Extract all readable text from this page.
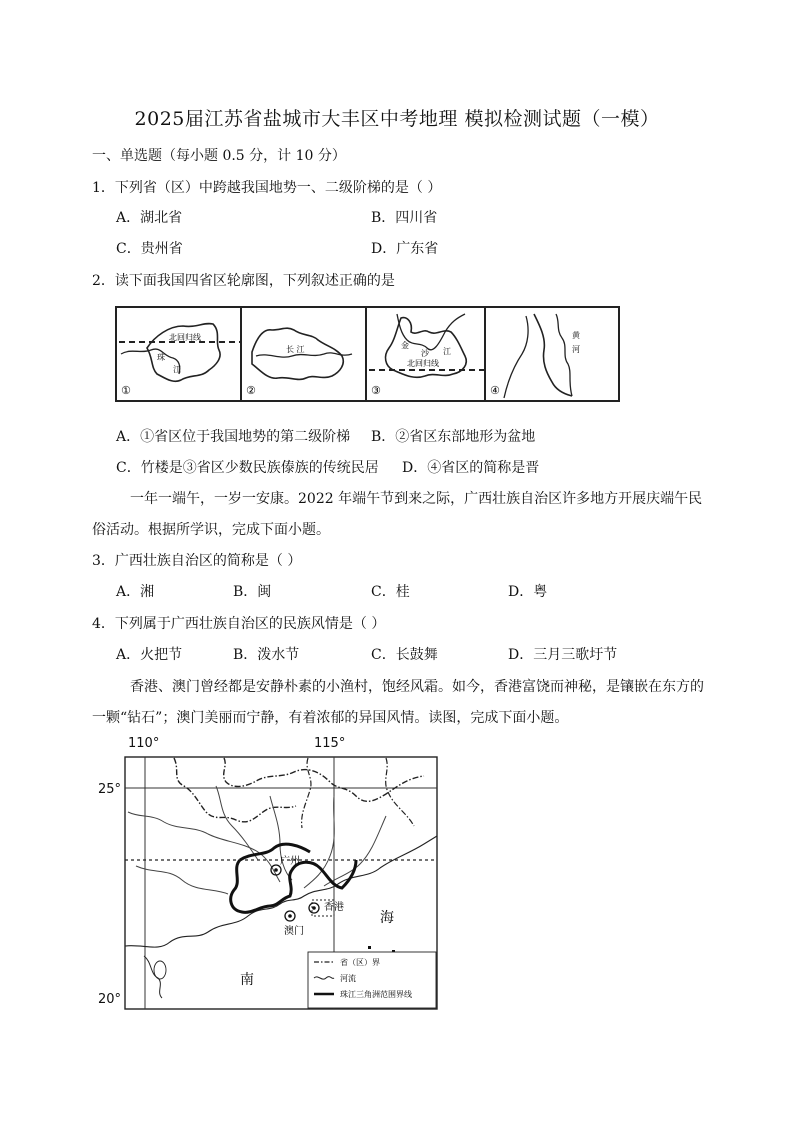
2025届江苏省盐城市大丰区中考地理 模拟检测试题（一模）
一、单选题（每小题 0.5 分，计 10 分）
1．下列省（区）中跨越我国地势一、二级阶梯的是（ ）
A．湖北省	B．四川省
C．贵州省	D．广东省
2．读下面我国四省区轮廓图，下列叙述正确的是
北回归线
珠
江
①
长 江
②
金
沙 江
北回归线
③
黄
河
④
A．①省区位于我国地势的第二级阶梯 B．②省区东部地形为盆地
C．竹楼是③省区少数民族傣族的传统民居 D．④省区的简称是晋
一年一端午，一岁一安康。2022 年端午节到来之际，广西壮族自治区许多地方开展庆端午民
俗活动。根据所学识，完成下面小题。
3．广西壮族自治区的简称是（ ）
A．湘	B．闽	C．桂	D．粤
4．下列属于广西壮族自治区的民族风情是（ ）
A．火把节	B．泼水节	C．长鼓舞	D．三月三歌圩节
香港、澳门曾经都是安静朴素的小渔村，饱经风霜。如今，香港富饶而神秘，是镶嵌在东方的
一颗“钻石”；澳门美丽而宁静，有着浓郁的异国风情。读图，完成下面小题。
110°	115°
25°
20°
广州
香港
澳门
海
南
省（区）界
河流
珠江三角洲范围界线
